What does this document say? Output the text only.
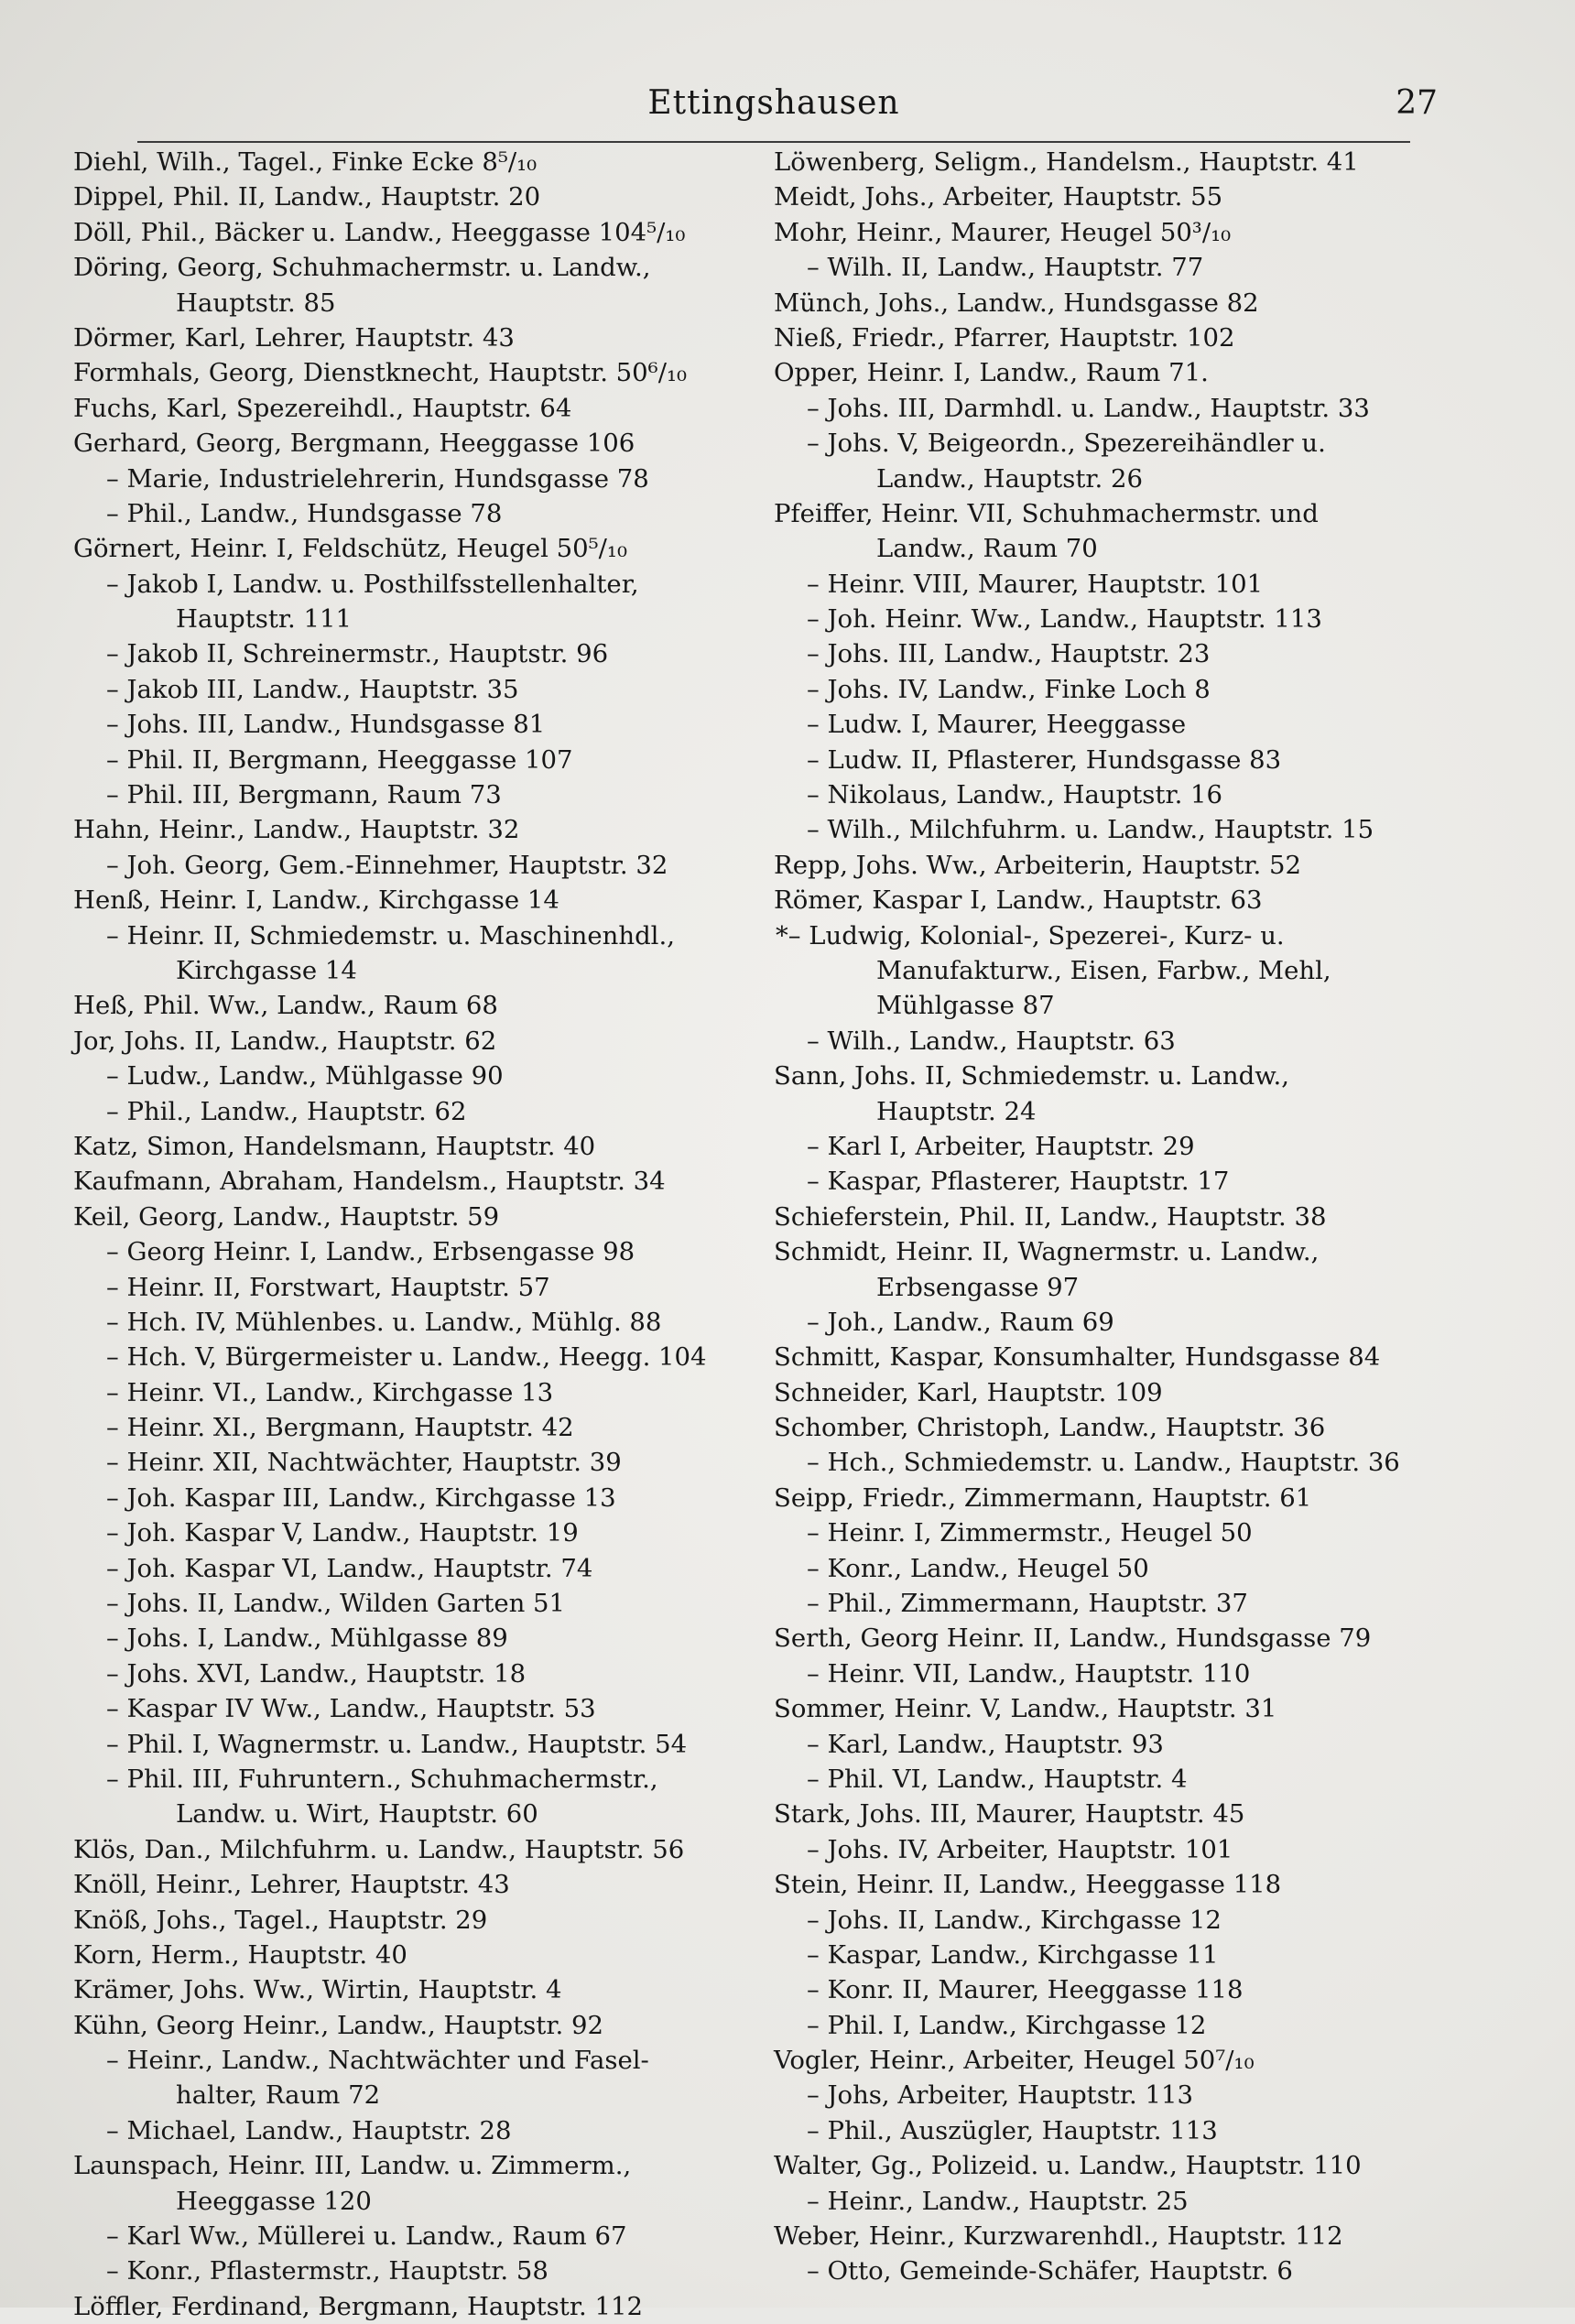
Ettingshausen	27
Diehl, Wilh., Tagel., Finke Ecke 8⁵/₁₀
Dippel, Phil. II, Landw., Hauptstr. 20
Döll, Phil., Bäcker u. Landw., Heeggasse 104⁵/₁₀
Döring, Georg, Schuhmachermstr. u. Landw.,
Hauptstr. 85
Dörmer, Karl, Lehrer, Hauptstr. 43
Formhals, Georg, Dienstknecht, Hauptstr. 50⁶/₁₀
Fuchs, Karl, Spezereihdl., Hauptstr. 64
Gerhard, Georg, Bergmann, Heeggasse 106
– Marie, Industrielehrerin, Hundsgasse 78
– Phil., Landw., Hundsgasse 78
Görnert, Heinr. I, Feldschütz, Heugel 50⁵/₁₀
– Jakob I, Landw. u. Posthilfsstellenhalter,
Hauptstr. 111
– Jakob II, Schreinermstr., Hauptstr. 96
– Jakob III, Landw., Hauptstr. 35
– Johs. III, Landw., Hundsgasse 81
– Phil. II, Bergmann, Heeggasse 107
– Phil. III, Bergmann, Raum 73
Hahn, Heinr., Landw., Hauptstr. 32
– Joh. Georg, Gem.-Einnehmer, Hauptstr. 32
Henß, Heinr. I, Landw., Kirchgasse 14
– Heinr. II, Schmiedemstr. u. Maschinenhdl.,
Kirchgasse 14
Heß, Phil. Ww., Landw., Raum 68
Jor, Johs. II, Landw., Hauptstr. 62
– Ludw., Landw., Mühlgasse 90
– Phil., Landw., Hauptstr. 62
Katz, Simon, Handelsmann, Hauptstr. 40
Kaufmann, Abraham, Handelsm., Hauptstr. 34
Keil, Georg, Landw., Hauptstr. 59
– Georg Heinr. I, Landw., Erbsengasse 98
– Heinr. II, Forstwart, Hauptstr. 57
– Hch. IV, Mühlenbes. u. Landw., Mühlg. 88
– Hch. V, Bürgermeister u. Landw., Heegg. 104
– Heinr. VI., Landw., Kirchgasse 13
– Heinr. XI., Bergmann, Hauptstr. 42
– Heinr. XII, Nachtwächter, Hauptstr. 39
– Joh. Kaspar III, Landw., Kirchgasse 13
– Joh. Kaspar V, Landw., Hauptstr. 19
– Joh. Kaspar VI, Landw., Hauptstr. 74
– Johs. II, Landw., Wilden Garten 51
– Johs. I, Landw., Mühlgasse 89
– Johs. XVI, Landw., Hauptstr. 18
– Kaspar IV Ww., Landw., Hauptstr. 53
– Phil. I, Wagnermstr. u. Landw., Hauptstr. 54
– Phil. III, Fuhruntern., Schuhmachermstr.,
Landw. u. Wirt, Hauptstr. 60
Klös, Dan., Milchfuhrm. u. Landw., Hauptstr. 56
Knöll, Heinr., Lehrer, Hauptstr. 43
Knöß, Johs., Tagel., Hauptstr. 29
Korn, Herm., Hauptstr. 40
Krämer, Johs. Ww., Wirtin, Hauptstr. 4
Kühn, Georg Heinr., Landw., Hauptstr. 92
– Heinr., Landw., Nachtwächter und Fasel-
halter, Raum 72
– Michael, Landw., Hauptstr. 28
Launspach, Heinr. III, Landw. u. Zimmerm.,
Heeggasse 120
– Karl Ww., Müllerei u. Landw., Raum 67
– Konr., Pflastermstr., Hauptstr. 58
Löffler, Ferdinand, Bergmann, Hauptstr. 112
Löwenberg, Seligm., Handelsm., Hauptstr. 41
Meidt, Johs., Arbeiter, Hauptstr. 55
Mohr, Heinr., Maurer, Heugel 50³/₁₀
– Wilh. II, Landw., Hauptstr. 77
Münch, Johs., Landw., Hundsgasse 82
Nieß, Friedr., Pfarrer, Hauptstr. 102
Opper, Heinr. I, Landw., Raum 71.
– Johs. III, Darmhdl. u. Landw., Hauptstr. 33
– Johs. V, Beigeordn., Spezereihändler u.
Landw., Hauptstr. 26
Pfeiffer, Heinr. VII, Schuhmachermstr. und
Landw., Raum 70
– Heinr. VIII, Maurer, Hauptstr. 101
– Joh. Heinr. Ww., Landw., Hauptstr. 113
– Johs. III, Landw., Hauptstr. 23
– Johs. IV, Landw., Finke Loch 8
– Ludw. I, Maurer, Heeggasse
– Ludw. II, Pflasterer, Hundsgasse 83
– Nikolaus, Landw., Hauptstr. 16
– Wilh., Milchfuhrm. u. Landw., Hauptstr. 15
Repp, Johs. Ww., Arbeiterin, Hauptstr. 52
Römer, Kaspar I, Landw., Hauptstr. 63
*– Ludwig, Kolonial-, Spezerei-, Kurz- u.
Manufakturw., Eisen, Farbw., Mehl,
Mühlgasse 87
– Wilh., Landw., Hauptstr. 63
Sann, Johs. II, Schmiedemstr. u. Landw.,
Hauptstr. 24
– Karl I, Arbeiter, Hauptstr. 29
– Kaspar, Pflasterer, Hauptstr. 17
Schieferstein, Phil. II, Landw., Hauptstr. 38
Schmidt, Heinr. II, Wagnermstr. u. Landw.,
Erbsengasse 97
– Joh., Landw., Raum 69
Schmitt, Kaspar, Konsumhalter, Hundsgasse 84
Schneider, Karl, Hauptstr. 109
Schomber, Christoph, Landw., Hauptstr. 36
– Hch., Schmiedemstr. u. Landw., Hauptstr. 36
Seipp, Friedr., Zimmermann, Hauptstr. 61
– Heinr. I, Zimmermstr., Heugel 50
– Konr., Landw., Heugel 50
– Phil., Zimmermann, Hauptstr. 37
Serth, Georg Heinr. II, Landw., Hundsgasse 79
– Heinr. VII, Landw., Hauptstr. 110
Sommer, Heinr. V, Landw., Hauptstr. 31
– Karl, Landw., Hauptstr. 93
– Phil. VI, Landw., Hauptstr. 4
Stark, Johs. III, Maurer, Hauptstr. 45
– Johs. IV, Arbeiter, Hauptstr. 101
Stein, Heinr. II, Landw., Heeggasse 118
– Johs. II, Landw., Kirchgasse 12
– Kaspar, Landw., Kirchgasse 11
– Konr. II, Maurer, Heeggasse 118
– Phil. I, Landw., Kirchgasse 12
Vogler, Heinr., Arbeiter, Heugel 50⁷/₁₀
– Johs, Arbeiter, Hauptstr. 113
– Phil., Auszügler, Hauptstr. 113
Walter, Gg., Polizeid. u. Landw., Hauptstr. 110
– Heinr., Landw., Hauptstr. 25
Weber, Heinr., Kurzwarenhdl., Hauptstr. 112
– Otto, Gemeinde-Schäfer, Hauptstr. 6
